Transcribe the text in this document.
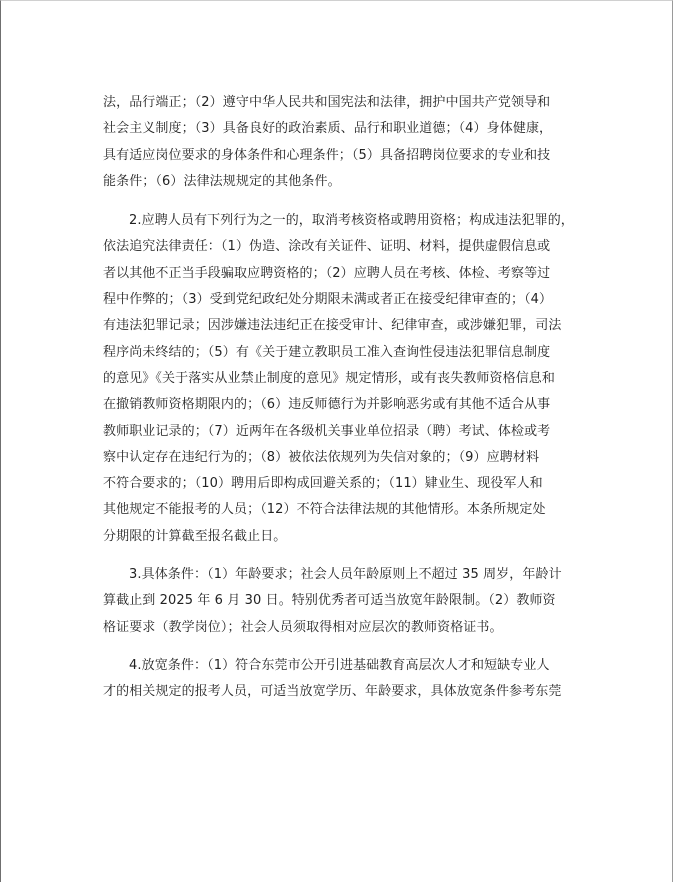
法，品行端正；（2）遵守中华人民共和国宪法和法律，拥护中国共产党领导和
社会主义制度；（3）具备良好的政治素质、品行和职业道德；（4）身体健康，
具有适应岗位要求的身体条件和心理条件；（5）具备招聘岗位要求的专业和技
能条件；（6）法律法规规定的其他条件。

2.应聘人员有下列行为之一的，取消考核资格或聘用资格；构成违法犯罪的，
依法追究法律责任：（1）伪造、涂改有关证件、证明、材料，提供虚假信息或
者以其他不正当手段骗取应聘资格的；（2）应聘人员在考核、体检、考察等过
程中作弊的；（3）受到党纪政纪处分期限未满或者正在接受纪律审查的；（4）
有违法犯罪记录；因涉嫌违法违纪正在接受审计、纪律审查，或涉嫌犯罪，司法
程序尚未终结的；（5）有《关于建立教职员工准入查询性侵违法犯罪信息制度
的意见》《关于落实从业禁止制度的意见》规定情形，或有丧失教师资格信息和
在撤销教师资格期限内的；（6）违反师德行为并影响恶劣或有其他不适合从事
教师职业记录的；（7）近两年在各级机关事业单位招录（聘）考试、体检或考
察中认定存在违纪行为的；（8）被依法依规列为失信对象的；（9）应聘材料
不符合要求的；（10）聘用后即构成回避关系的；（11）肄业生、现役军人和
其他规定不能报考的人员；（12）不符合法律法规的其他情形。本条所规定处
分期限的计算截至报名截止日。

3.具体条件：（1）年龄要求；社会人员年龄原则上不超过 35 周岁，年龄计
算截止到 2025 年 6 月 30 日。特别优秀者可适当放宽年龄限制。（2）教师资
格证要求（教学岗位）；社会人员须取得相对应层次的教师资格证书。

4.放宽条件：（1）符合东莞市公开引进基础教育高层次人才和短缺专业人
才的相关规定的报考人员，可适当放宽学历、年龄要求，具体放宽条件参考东莞
